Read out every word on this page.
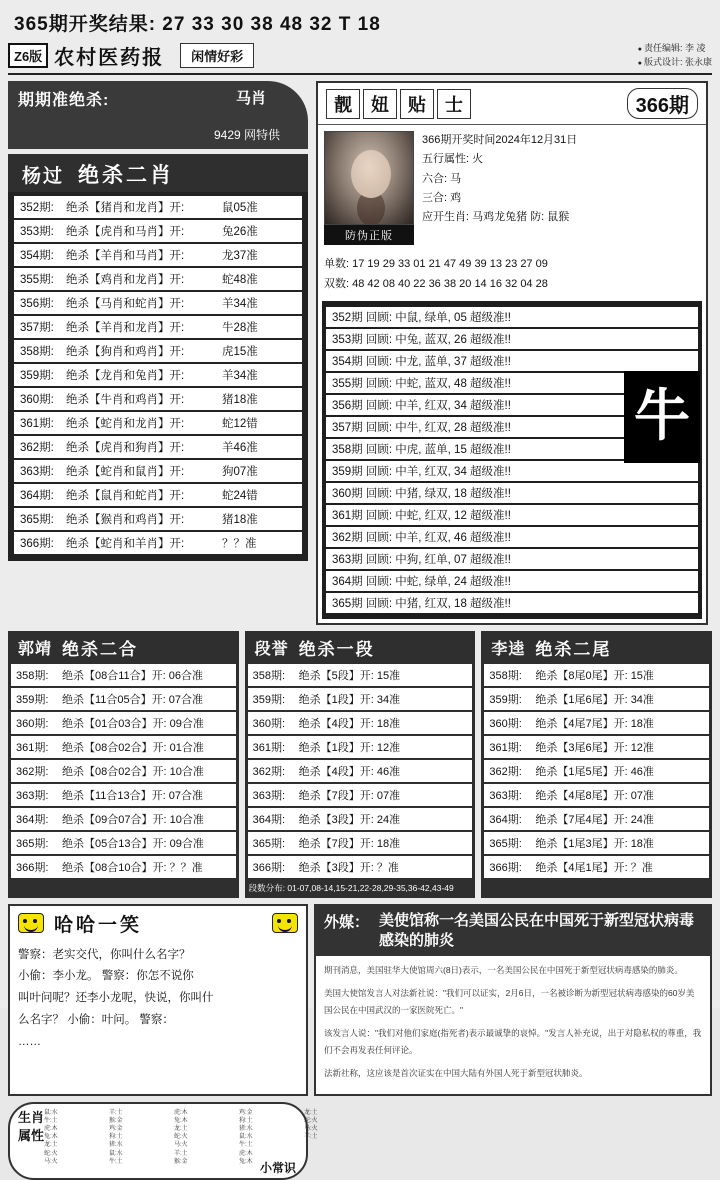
365期开奖结果: 27 33 30 38 48 32 T 18
Z6版 农村医药报	闲情好彩
● 责任编辑: 李 凌
● 版式设计: 张永康
期期准绝杀:	马肖
9429 网特供
杨过 绝杀二肖
352期:	绝杀【猪肖和龙肖】开:	鼠05准
353期:	绝杀【虎肖和马肖】开:	兔26准
354期:	绝杀【羊肖和马肖】开:	龙37准
355期:	绝杀【鸡肖和龙肖】开:	蛇48准
356期:	绝杀【马肖和蛇肖】开:	羊34准
357期:	绝杀【羊肖和龙肖】开:	牛28准
358期:	绝杀【狗肖和鸡肖】开:	虎15准
359期:	绝杀【龙肖和兔肖】开:	羊34准
360期:	绝杀【牛肖和鸡肖】开:	猪18准
361期:	绝杀【蛇肖和龙肖】开:	蛇12错
362期:	绝杀【虎肖和狗肖】开:	羊46准
363期:	绝杀【蛇肖和鼠肖】开:	狗07准
364期:	绝杀【鼠肖和蛇肖】开:	蛇24错
365期:	绝杀【猴肖和鸡肖】开:	猪18准
366期:	绝杀【蛇肖和羊肖】开:	？？准
靓	妞	贴	士	366期
防伪正版
366期开奖时间2024年12月31日
五行属性: 火
六合: 马
三合: 鸡
应开生肖: 马鸡龙兔猪 防: 鼠猴
单数: 17 19 29 33 01 21 47 49 39 13 23 27 09
双数: 48 42 08 40 22 36 38 20 14 16 32 04 28
352期 回顾: 中鼠, 绿单, 05 超级准!!
353期 回顾: 中兔, 蓝双, 26 超级准!!
354期 回顾: 中龙, 蓝单, 37 超级准!!
355期 回顾: 中蛇, 蓝双, 48 超级准!!
356期 回顾: 中羊, 红双, 34 超级准!!
357期 回顾: 中牛, 红双, 28 超级准!!
358期 回顾: 中虎, 蓝单, 15 超级准!!
359期 回顾: 中羊, 红双, 34 超级准!!
360期 回顾: 中猪, 绿双, 18 超级准!!
361期 回顾: 中蛇, 红双, 12 超级准!!
362期 回顾: 中羊, 红双, 46 超级准!!
363期 回顾: 中狗, 红单, 07 超级准!!
364期 回顾: 中蛇, 绿单, 24 超级准!!
365期 回顾: 中猪, 红双, 18 超级准!!
牛
郭靖 绝杀二合
358期:	绝杀【08合11合】开: 06合准
359期:	绝杀【11合05合】开: 07合准
360期:	绝杀【01合03合】开: 09合准
361期:	绝杀【08合02合】开: 01合准
362期:	绝杀【08合02合】开: 10合准
363期:	绝杀【11合13合】开: 07合准
364期:	绝杀【09合07合】开: 10合准
365期:	绝杀【05合13合】开: 09合准
366期:	绝杀【08合10合】开: ？？准
段誉 绝杀一段
358期:	绝杀【5段】开: 15准
359期:	绝杀【1段】开: 34准
360期:	绝杀【4段】开: 18准
361期:	绝杀【1段】开: 12准
362期:	绝杀【4段】开: 46准
363期:	绝杀【7段】开: 07准
364期:	绝杀【3段】开: 24准
365期:	绝杀【7段】开: 18准
366期:	绝杀【3段】开: ？准
段数分布: 01-07,08-14,15-21,22-28,29-35,36-42,43-49
李逵 绝杀二尾
358期:	绝杀【8尾0尾】开: 15准
359期:	绝杀【1尾6尾】开: 34准
360期:	绝杀【4尾7尾】开: 18准
361期:	绝杀【3尾6尾】开: 12准
362期:	绝杀【1尾5尾】开: 46准
363期:	绝杀【4尾8尾】开: 07准
364期:	绝杀【7尾4尾】开: 24准
365期:	绝杀【1尾3尾】开: 18准
366期:	绝杀【4尾1尾】开: ？准
哈哈一笑
警察：老实交代，你叫什么名字？
小偷：李小龙。 警察：你怎不说你
叫叶问呢？还李小龙呢，快说，你叫什
么名字？ 小偷：叶问。 警察：
……
外媒： 美使馆称一名美国公民在中国死于新型冠状病毒感染的肺炎

期刊消息，美国驻华大使馆周六(8日)表示，一名美国公民在中国死于新型冠状病毒感染的肺炎。

美国大使馆发言人对法新社说："我们可以证实，2月6日，一名被诊断为新型冠状病毒感染的60岁美国公民在中国武汉的一家医院死亡。"

该发言人说："我们对他们家庭(指死者)表示最诚挚的哀悼。"发言人补充说，出于对隐私权的尊重，我们不会再发表任何评论。

法新社称，这应该是首次证实在中国大陆有外国人死于新型冠状肺炎。

生肖属性
鼠:水
牛:土
虎:木
兔:木
龙:土
蛇:火
马:火
羊:土
猴:金
鸡:金
狗:土
猪:水
鼠:水
牛:土
虎:木
兔:木
龙:土
蛇:火
马:火
羊:土
猴:金
鸡:金
狗:土
猪:水
鼠:水
牛:土
虎:木
兔:木
龙:土
蛇:火
马:火
羊:土
小常识
